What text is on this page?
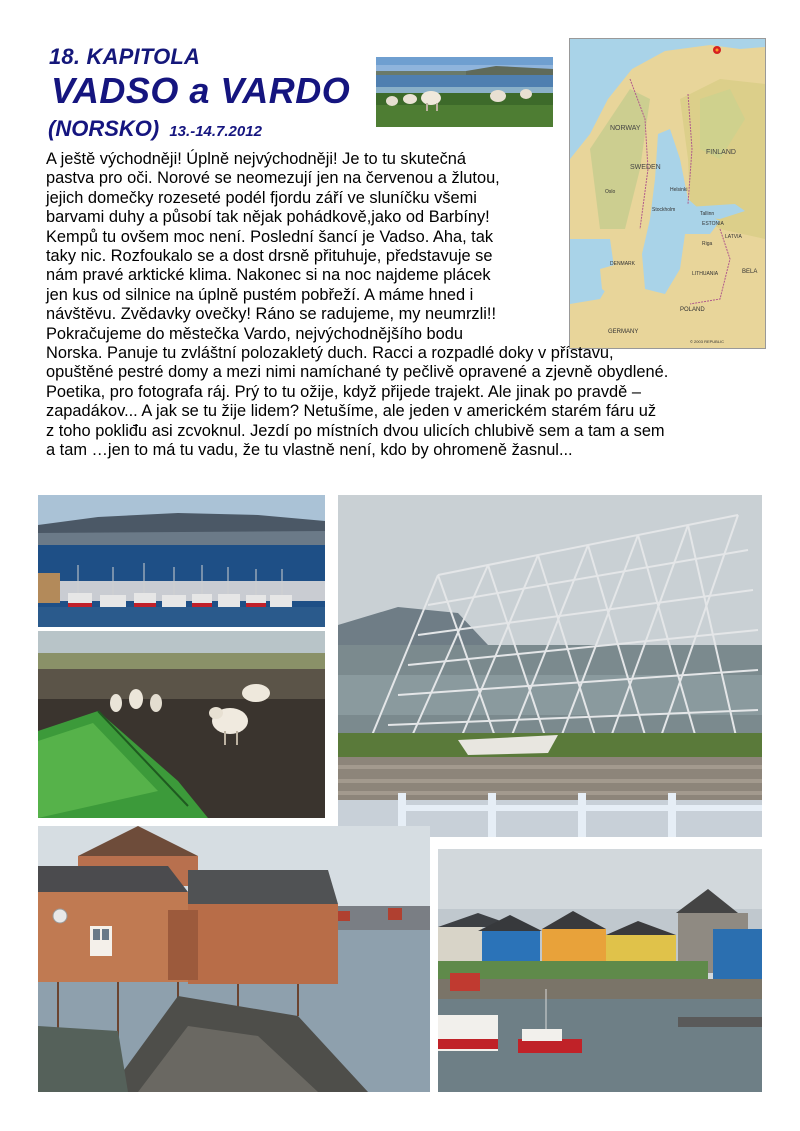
18. KAPITOLA
VADSO a VARDO
(NORSKO) 13.-14.7.2012	NORWAY
FINLAND
SWEDEN
Helsinki
Stockholm
Oslo
Tallinn
ESTONIA
LATVIA
Riga
LITHUANIA
POLAND
BELA
DENMARK
GERMANY
© 2003 REPUBLIC
A ještě východněji! Úplně nejvýchodněji! Je to tu skutečná
pastva pro oči. Norové se neomezují jen na červenou a žlutou,
jejich domečky rozeseté podél fjordu září ve sluníčku všemi
barvami duhy a působí tak nějak pohádkově,jako od Barbíny!
Kempů tu ovšem moc není. Poslední šancí je Vadso. Aha, tak
taky nic. Rozfoukalo se a dost drsně přituhuje, představuje se
nám pravé arktické klima. Nakonec si na noc najdeme plácek
jen kus od silnice na úplně pustém pobřeží. A máme hned i
návštěvu. Zvědavky ovečky! Ráno se radujeme, my neumrzli!!
Pokračujeme do městečka Vardo, nejvýchodnějšího bodu
Norska. Panuje tu zvláštní polozakletý duch. Racci a rozpadlé doky v přístavu,
opuštěné pestré domy a mezi nimi namíchané ty pečlivě opravené a zjevně obydlené.
Poetika, pro fotografa ráj. Prý to tu ožije, když přijede trajekt. Ale jinak po pravdě –
zapadákov... A jak se tu žije lidem? Netušíme, ale jeden v americkém starém fáru už
z toho pokliđu asi zcvoknul. Jezdí po místních dvou ulicích chlubivě sem a tam a sem
a tam …jen to má tu vadu, že tu vlastně není, kdo by ohromeně žasnul...
